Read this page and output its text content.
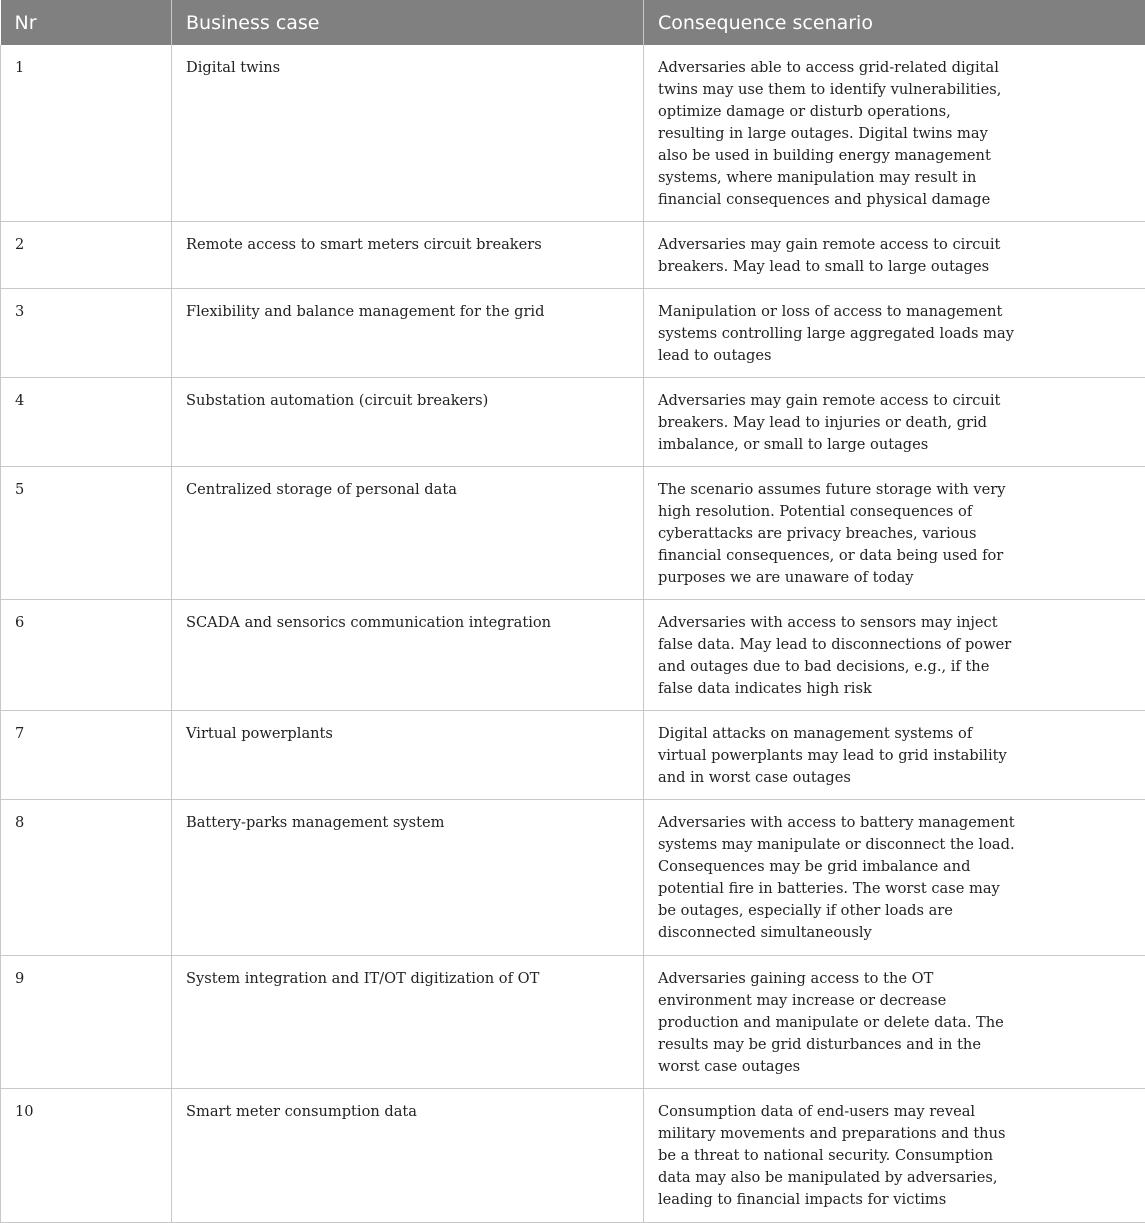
Nr	Business case	Consequence scenario
1	Digital twins	Adversaries able to access grid-related digital twins may use them to identify vulnerabilities, optimize damage or disturb operations, resulting in large outages. Digital twins may also be used in building energy management systems, where manipulation may result in financial consequences and physical damage
2	Remote access to smart meters circuit breakers	Adversaries may gain remote access to circuit breakers. May lead to small to large outages
3	Flexibility and balance management for the grid	Manipulation or loss of access to management systems controlling large aggregated loads may lead to outages
4	Substation automation (circuit breakers)	Adversaries may gain remote access to circuit breakers. May lead to injuries or death, grid imbalance, or small to large outages
5	Centralized storage of personal data	The scenario assumes future storage with very high resolution. Potential consequences of cyberattacks are privacy breaches, various financial consequences, or data being used for purposes we are unaware of today
6	SCADA and sensorics communication integration	Adversaries with access to sensors may inject false data. May lead to disconnections of power and outages due to bad decisions, e.g., if the false data indicates high risk
7	Virtual powerplants	Digital attacks on management systems of virtual powerplants may lead to grid instability and in worst case outages
8	Battery-parks management system	Adversaries with access to battery management systems may manipulate or disconnect the load. Consequences may be grid imbalance and potential fire in batteries. The worst case may be outages, especially if other loads are disconnected simultaneously
9	System integration and IT/OT digitization of OT	Adversaries gaining access to the OT environment may increase or decrease production and manipulate or delete data. The results may be grid disturbances and in the worst case outages
10	Smart meter consumption data	Consumption data of end-users may reveal military movements and preparations and thus be a threat to national security. Consumption data may also be manipulated by adversaries, leading to financial impacts for victims
